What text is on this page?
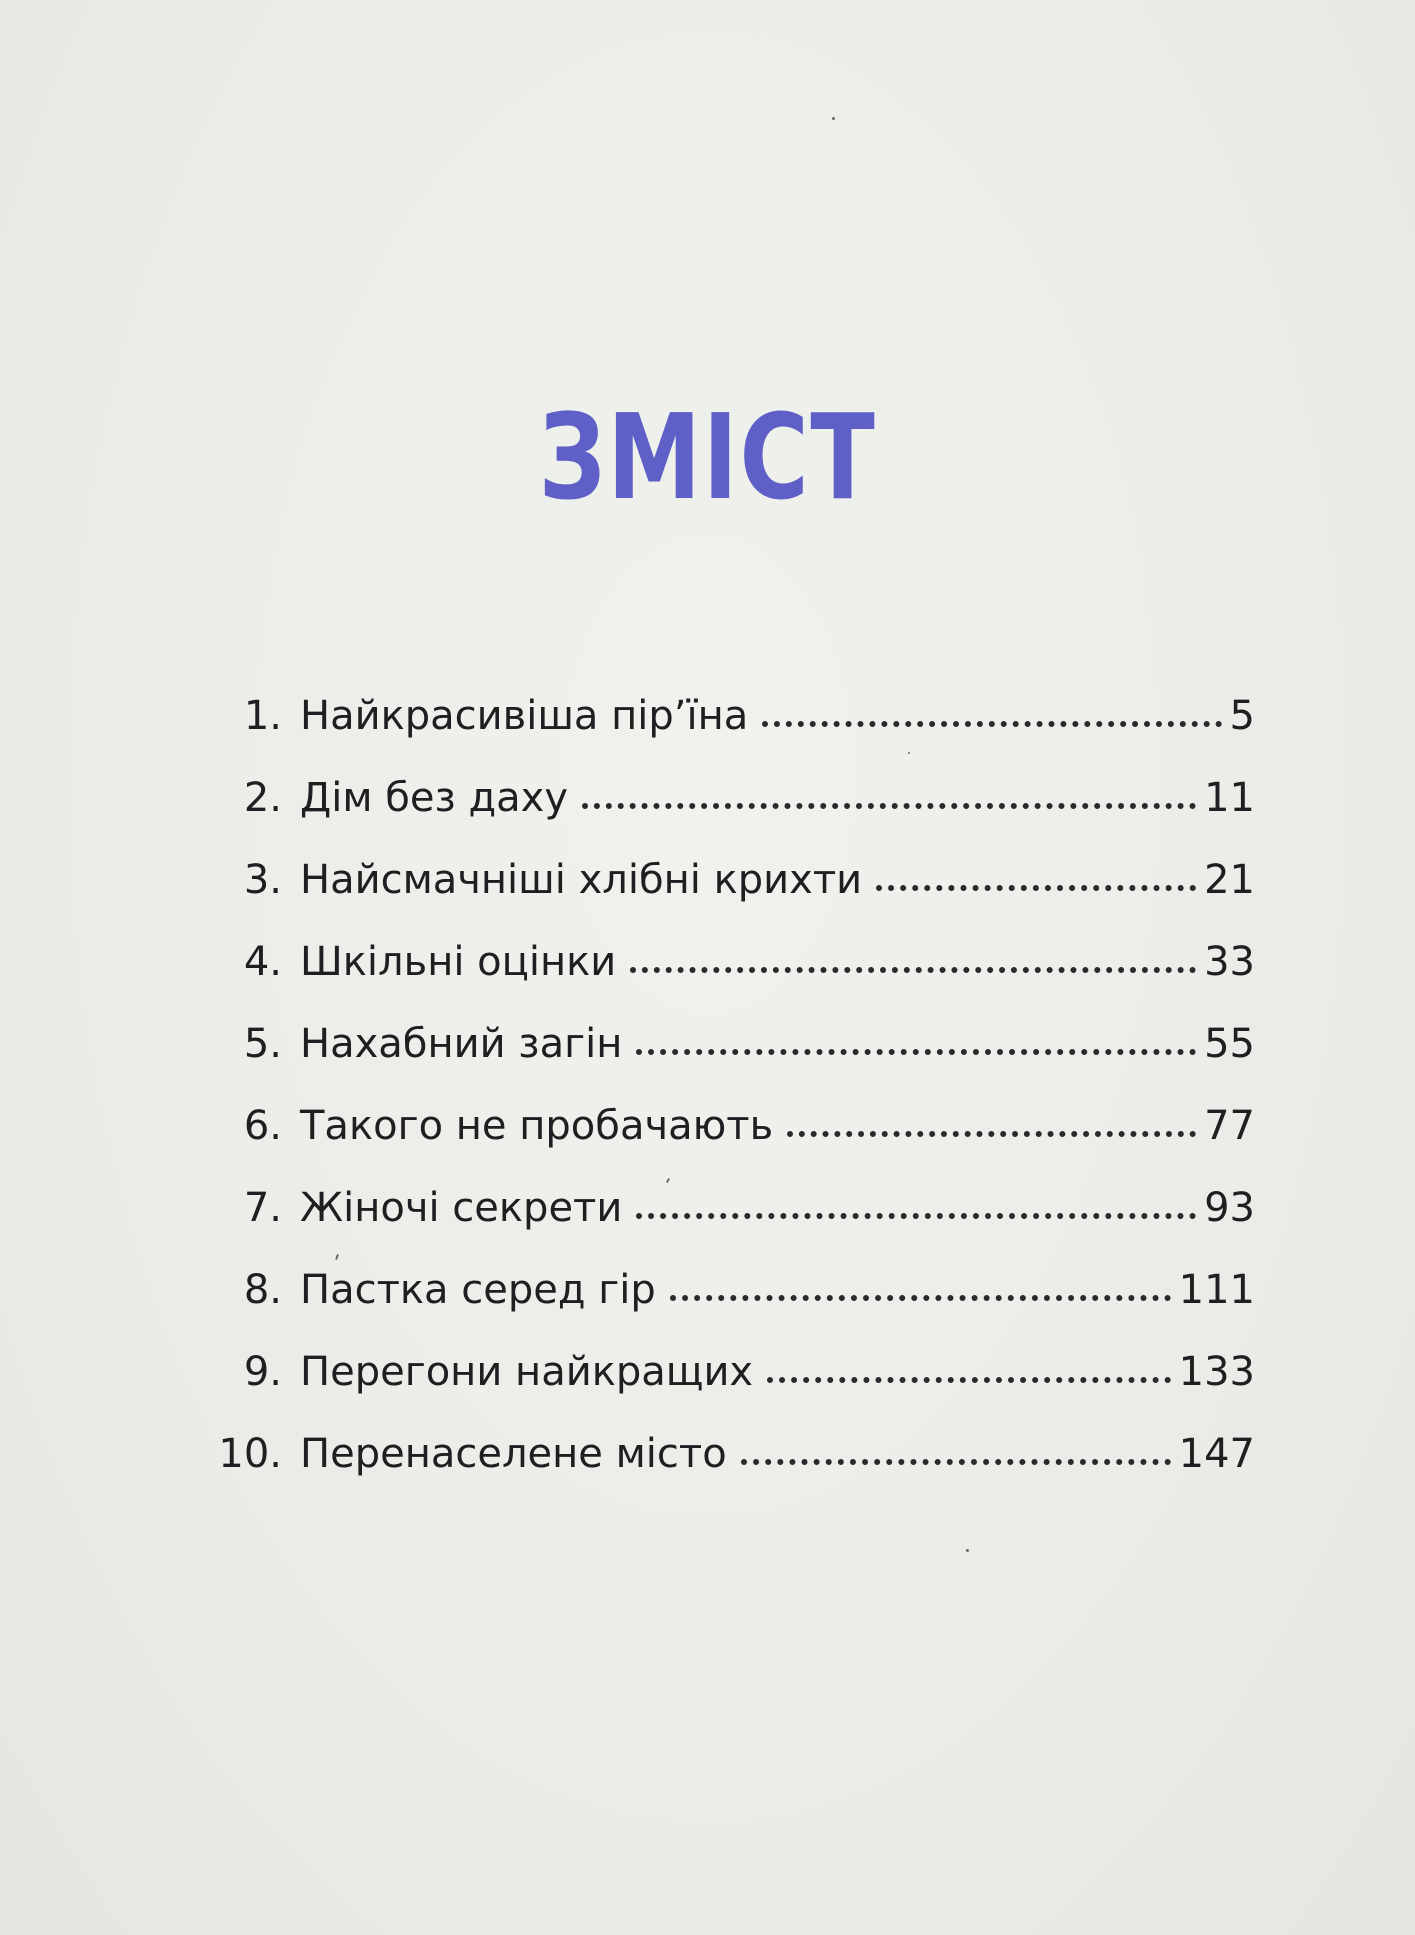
ЗМІСТ
1. Найкрасивіша пір’їна	5
2. Дім без даху	11
3. Найсмачніші хлібні крихти	21
4. Шкільні оцінки	33
5. Нахабний загін	55
6. Такого не пробачають	77
7. Жіночі секрети	93
8. Пастка серед гір	111
9. Перегони найкращих	133
10. Перенаселене місто	147
